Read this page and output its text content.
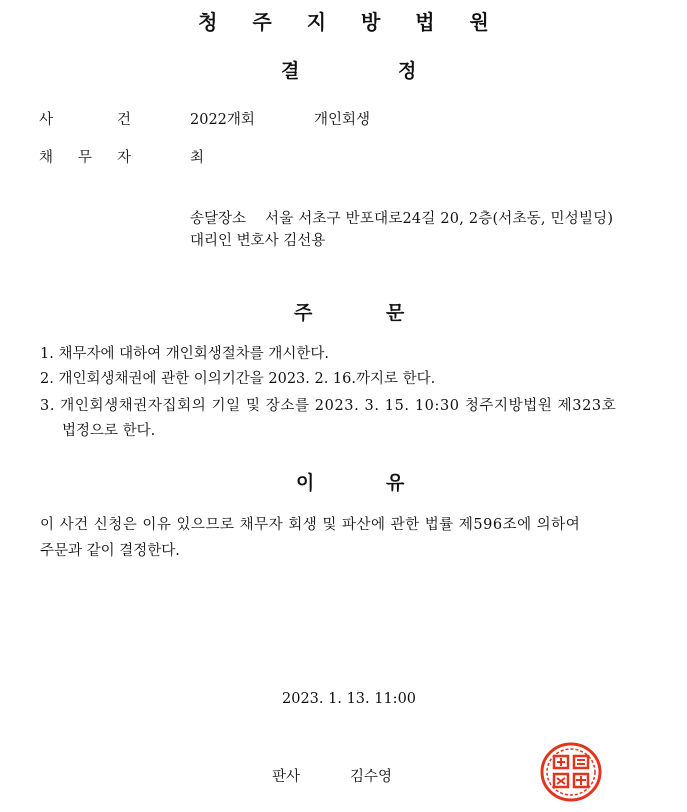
청 주 지 방 법 원
결	정
사	건	2022개회	개인회생
채 무 자	최
송달장소 서울 서초구 반포대로24길 20, 2층(서초동, 민성빌딩)
대리인 변호사 김선용
주	문
1. 채무자에 대하여 개인회생절차를 개시한다.
2. 개인회생채권에 관한 이의기간을 2023. 2. 16.까지로 한다.
3. 개인회생채권자집회의 기일 및 장소를 2023. 3. 15. 10:30 청주지방법원 제323호
법정으로 한다.
이	유
이 사건 신청은 이유 있으므로 채무자 회생 및 파산에 관한 법률 제596조에 의하여
주문과 같이 결정한다.
2023. 1. 13. 11:00
판사	김수영
